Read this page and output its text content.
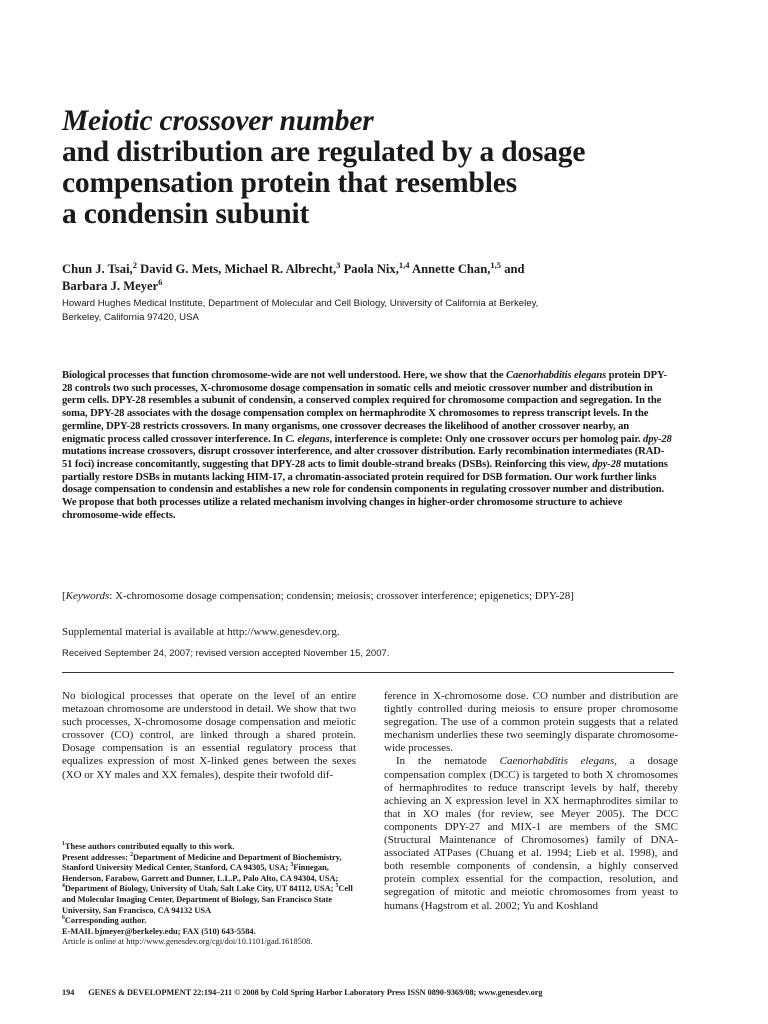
Meiotic crossover number
and distribution are regulated by a dosage
compensation protein that resembles
a condensin subunit
Chun J. Tsai,$^2$ David G. Mets, Michael R. Albrecht,$^3$ Paola Nix,$^{1,4}$ Annette Chan,$^{1,5}$ and
Barbara J. Meyer$^6$
Howard Hughes Medical Institute, Department of Molecular and Cell Biology, University of California at Berkeley,
Berkeley, California 97420, USA
Biological processes that function chromosome-wide are not well understood. Here, we show that the Caenorhabditis elegans protein DPY-28 controls two such processes, X-chromosome dosage compensation in somatic cells and meiotic crossover number and distribution in germ cells. DPY-28 resembles a subunit of condensin, a conserved complex required for chromosome compaction and segregation. In the soma, DPY-28 associates with the dosage compensation complex on hermaphrodite X chromosomes to repress transcript levels. In the germline, DPY-28 restricts crossovers. In many organisms, one crossover decreases the likelihood of another crossover nearby, an enigmatic process called crossover interference. In C. elegans, interference is complete: Only one crossover occurs per homolog pair. dpy-28 mutations increase crossovers, disrupt crossover interference, and alter crossover distribution. Early recombination intermediates (RAD-51 foci) increase concomitantly, suggesting that DPY-28 acts to limit double-strand breaks (DSBs). Reinforcing this view, dpy-28 mutations partially restore DSBs in mutants lacking HIM-17, a chromatin-associated protein required for DSB formation. Our work further links dosage compensation to condensin and establishes a new role for condensin components in regulating crossover number and distribution. We propose that both processes utilize a related mechanism involving changes in higher-order chromosome structure to achieve chromosome-wide effects.
[Keywords: X-chromosome dosage compensation; condensin; meiosis; crossover interference; epigenetics; DPY-28]
Supplemental material is available at http://www.genesdev.org.
Received September 24, 2007; revised version accepted November 15, 2007.

No biological processes that operate on the level of an entire metazoan chromosome are understood in detail. We show that two such processes, X-chromosome dosage compensation and meiotic crossover (CO) control, are linked through a shared protein. Dosage compensation is an essential regulatory process that equalizes expression of most X-linked genes between the sexes (XO or XY males and XX females), despite their twofold dif-

ference in X-chromosome dose. CO number and distribution are tightly controlled during meiosis to ensure proper chromosome segregation. The use of a common protein suggests that a related mechanism underlies these two seemingly disparate chromosome-wide processes.

In the nematode Caenorhabditis elegans, a dosage compensation complex (DCC) is targeted to both X chromosomes of hermaphrodites to reduce transcript levels by half, thereby achieving an X expression level in XX hermaphrodites similar to that in XO males (for review, see Meyer 2005). The DCC components DPY-27 and MIX-1 are members of the SMC (Structural Maintenance of Chromosomes) family of DNA-associated ATPases (Chuang et al. 1994; Lieb et al. 1998), and both resemble components of condensin, a highly conserved protein complex essential for the compaction, resolution, and segregation of mitotic and meiotic chromosomes from yeast to humans (Hagstrom et al. 2002; Yu and Koshland

$^1$These authors contributed equally to this work.
Present addresses: $^2$Department of Medicine and Department of Biochemistry, Stanford University Medical Center, Stanford, CA 94305, USA; $^3$Finnegan, Henderson, Farabow, Garrett and Dunner, L.L.P., Palo Alto, CA 94304, USA; $^4$Department of Biology, University of Utah, Salt Lake City, UT 84112, USA; $^5$Cell and Molecular Imaging Center, Department of Biology, San Francisco State University, San Francisco, CA 94132 USA
$^6$Corresponding author.
E-MAIL bjmeyer@berkeley.edu; FAX (510) 643-5584.
Article is online at http://www.genesdev.org/cgi/doi/10.1101/gad.1618508.
194 GENES & DEVELOPMENT 22:194–211 © 2008 by Cold Spring Harbor Laboratory Press ISSN 0890-9369/08; www.genesdev.org
